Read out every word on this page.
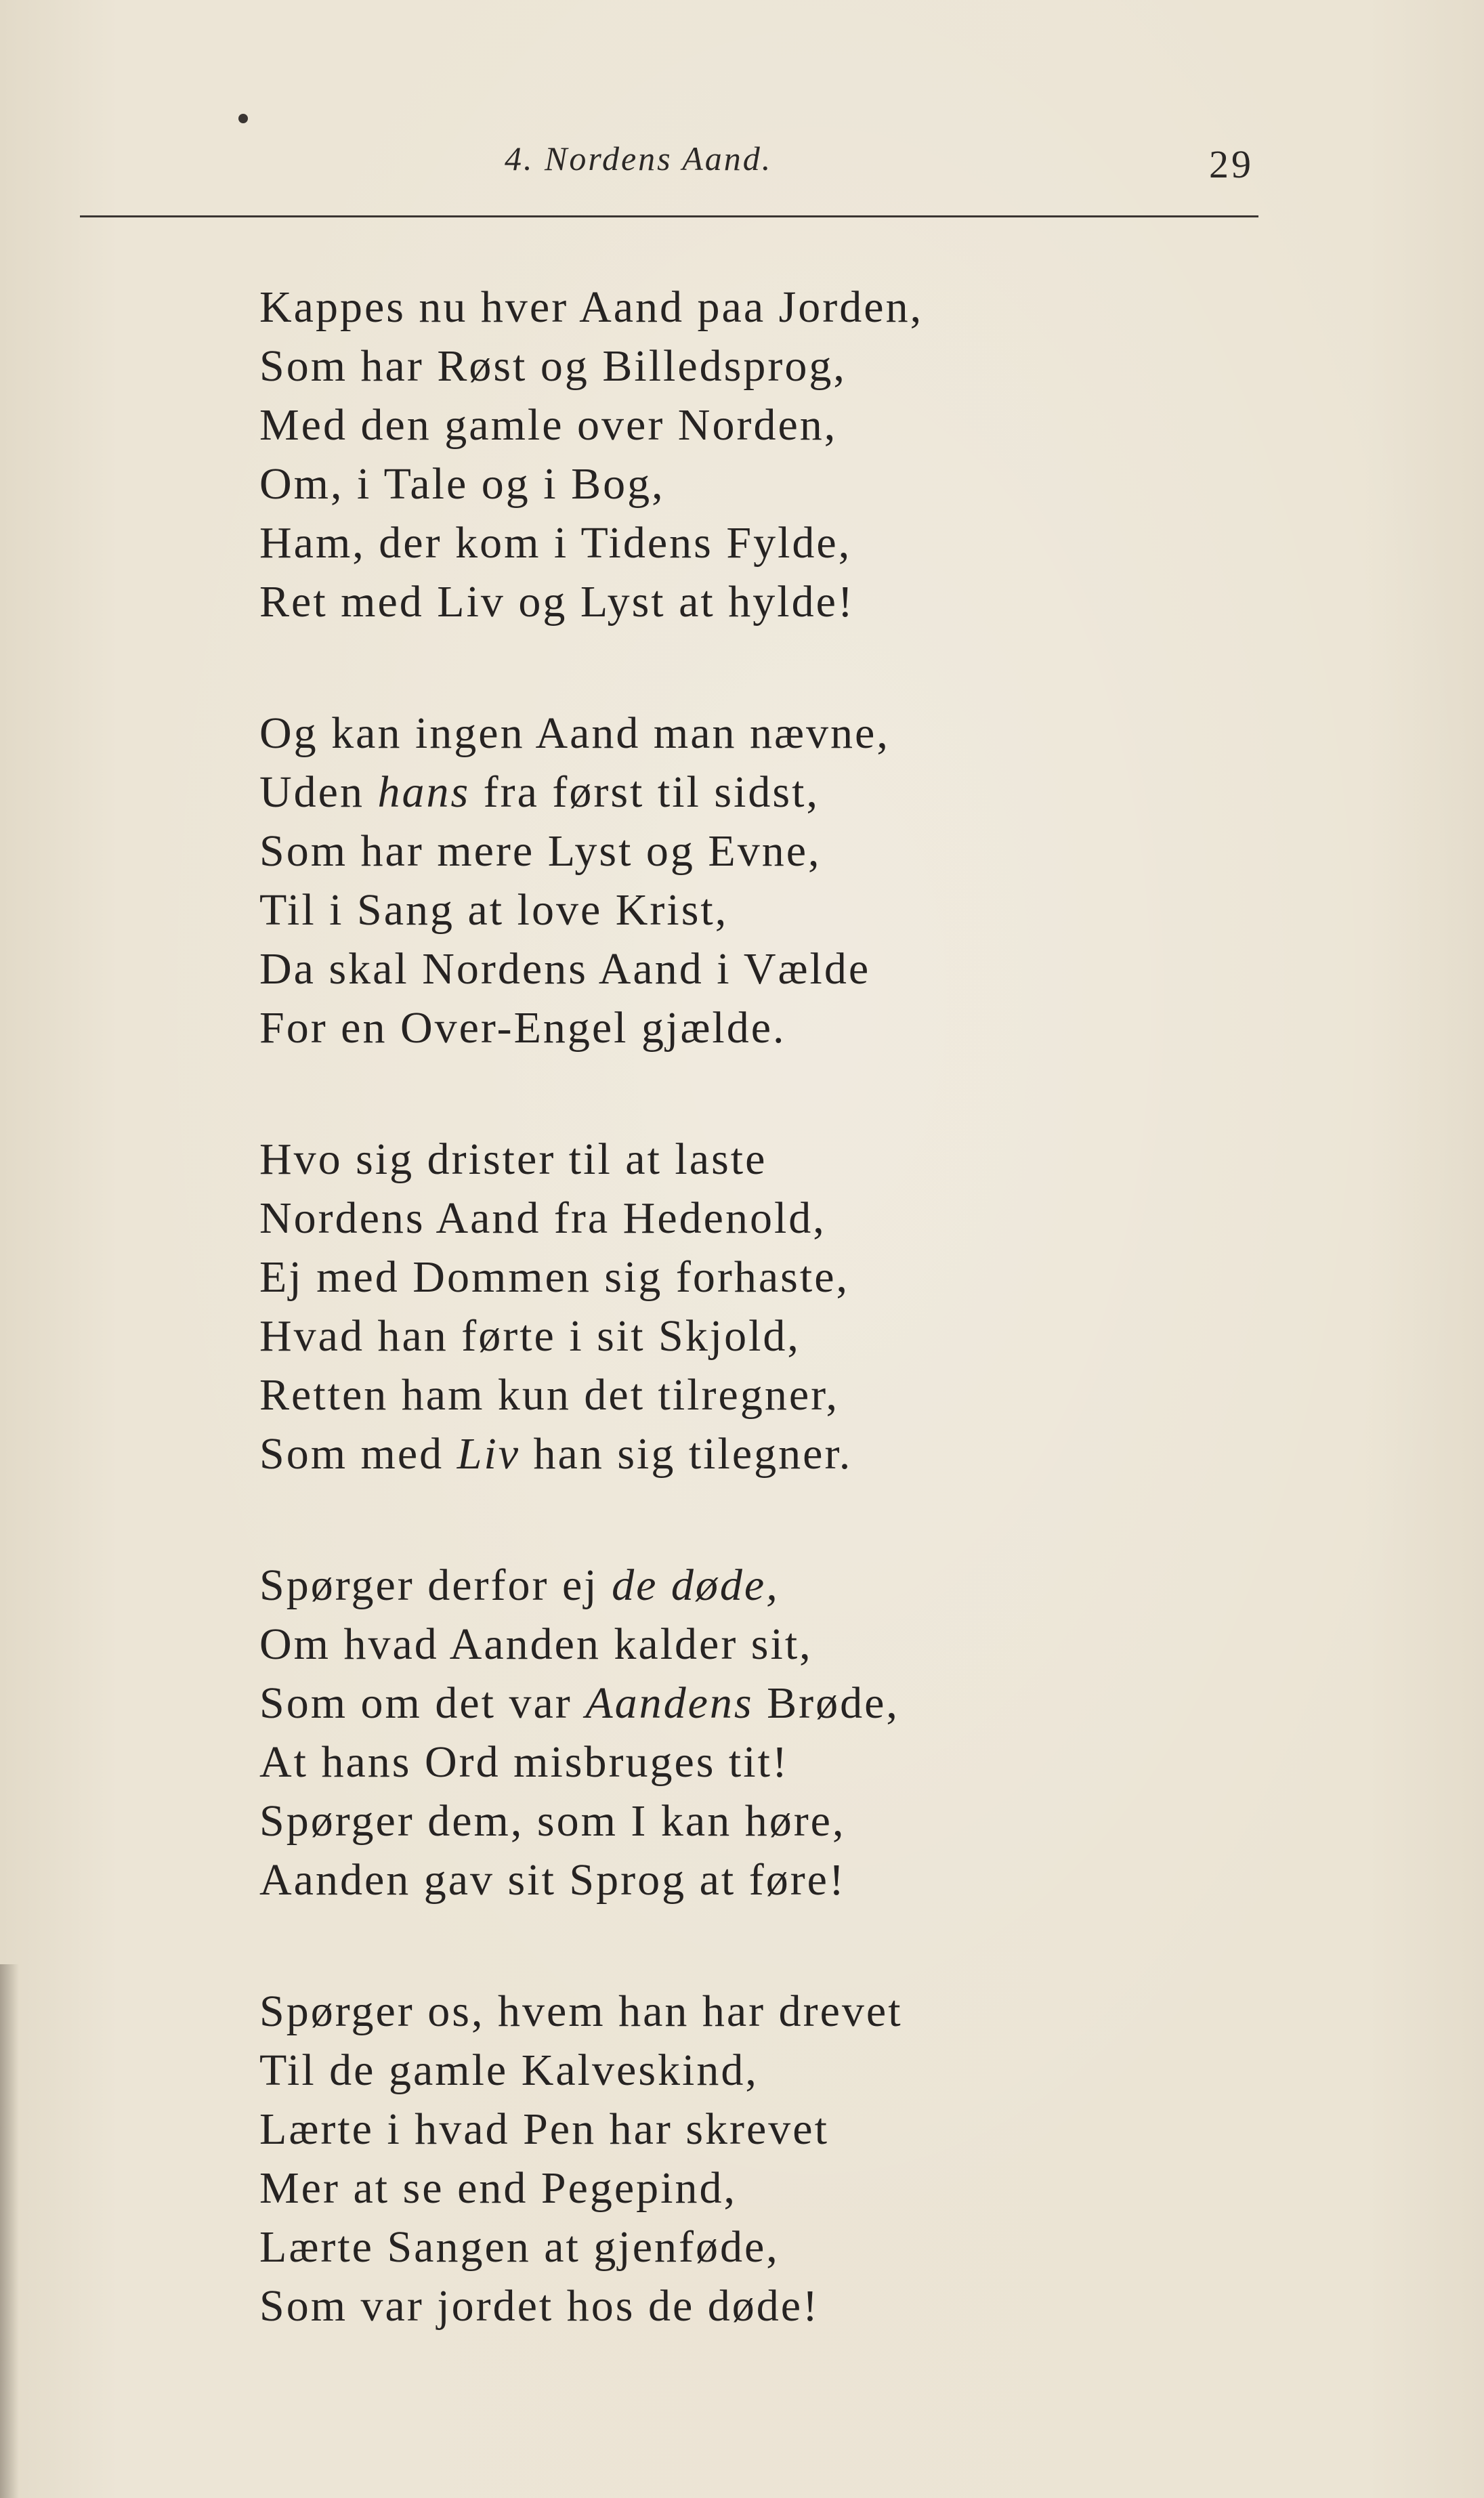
4. Nordens Aand.	29
Kappes nu hver Aand paa Jorden,
Som har Røst og Billedsprog,
Med den gamle over Norden,
Om, i Tale og i Bog,
Ham, der kom i Tidens Fylde,
Ret med Liv og Lyst at hylde!
Og kan ingen Aand man nævne,
Uden hans fra først til sidst,
Som har mere Lyst og Evne,
Til i Sang at love Krist,
Da skal Nordens Aand i Vælde
For en Over-Engel gjælde.
Hvo sig drister til at laste
Nordens Aand fra Hedenold,
Ej med Dommen sig forhaste,
Hvad han førte i sit Skjold,
Retten ham kun det tilregner,
Som med Liv han sig tilegner.
Spørger derfor ej de døde,
Om hvad Aanden kalder sit,
Som om det var Aandens Brøde,
At hans Ord misbruges tit!
Spørger dem, som I kan høre,
Aanden gav sit Sprog at føre!
Spørger os, hvem han har drevet
Til de gamle Kalveskind,
Lærte i hvad Pen har skrevet
Mer at se end Pegepind,
Lærte Sangen at gjenføde,
Som var jordet hos de døde!
